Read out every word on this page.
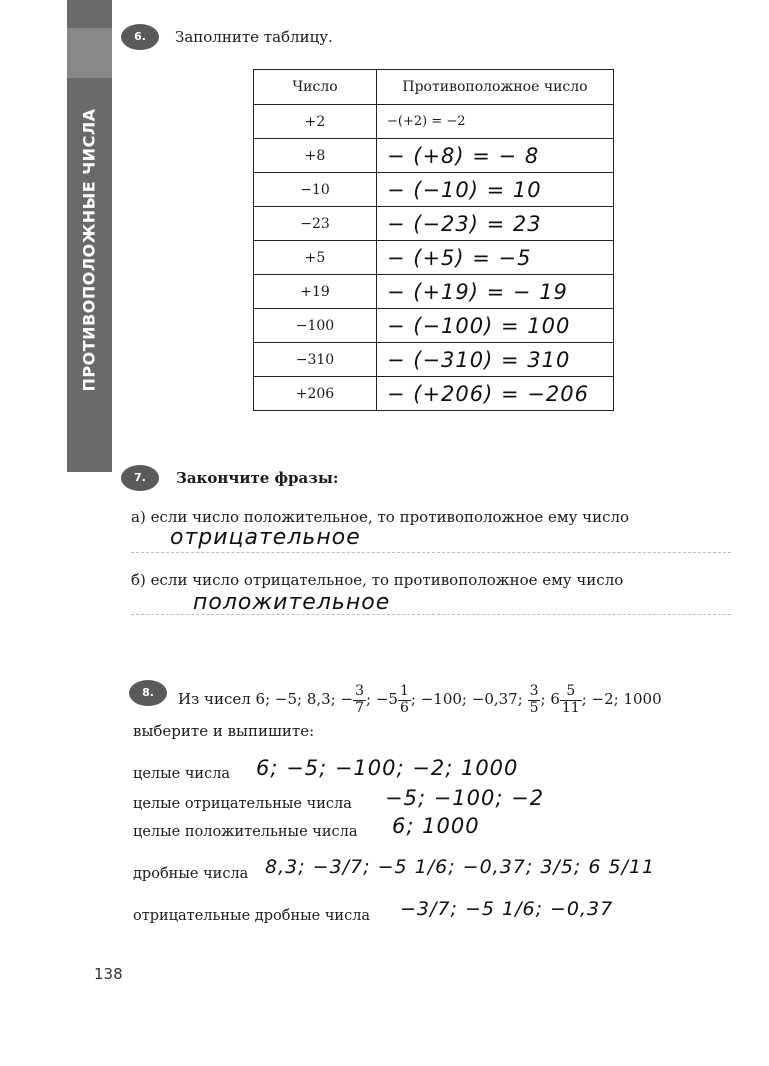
ПРОТИВОПОЛОЖНЫЕ ЧИСЛА
6.	Заполните таблицу.
Число	Противоположное число
+2	−(+2) = −2
+8	− (+8) = − 8
−10	− (−10) = 10
−23	− (−23) = 23
+5	− (+5) = −5
+19	− (+19) = − 19
−100	− (−100) = 100
−310	− (−310) = 310
+206	− (+206) = −206
7.	Закончите фразы:
а) если число положительное, то противоположное ему число
отрицательное
б) если число отрицательное, то противоположное ему число
положительное
8.	Из чисел 6; −5; 8,3; − $\frac{3}{7}$ ; $-5 \frac{1}{6}$ ; −100; −0,37; $\frac{3}{5}$ ; $6 \frac{5}{11}$ ; −2; 1000
выберите и выпишите:
целые числа 6; −5; −100; −2; 1000
целые отрицательные числа −5; −100; −2
целые положительные числа 6; 1000
дробные числа 8,3; −3/7; −5 1/6; −0,37; 3/5; 6 5/11
отрицательные дробные числа −3/7; −5 1/6; −0,37
138
